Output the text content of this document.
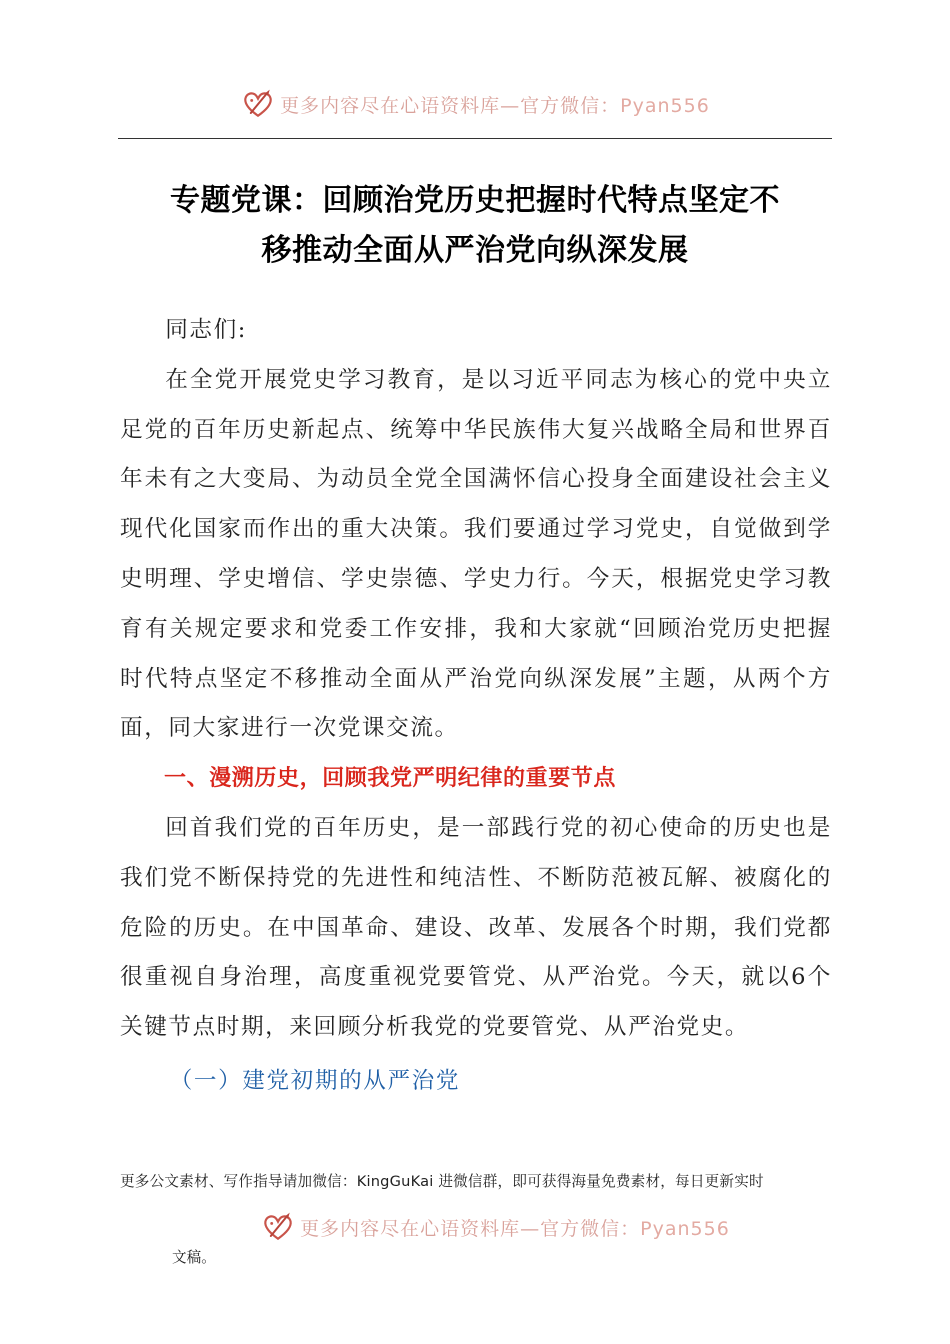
更多内容尽在心语资料库—官方微信：Pyan556
专题党课：回顾治党历史把握时代特点坚定不
移推动全面从严治党向纵深发展

同志们:

在全党开展党史学习教育，是以习近平同志为核心的党中央立足党的百年历史新起点、统筹中华民族伟大复兴战略全局和世界百年未有之大变局、为动员全党全国满怀信心投身全面建设社会主义现代化国家而作出的重大决策。我们要通过学习党史，自觉做到学史明理、学史增信、学史崇德、学史力行。今天，根据党史学习教育有关规定要求和党委工作安排，我和大家就“回顾治党历史把握时代特点坚定不移推动全面从严治党向纵深发展”主题，从两个方面，同大家进行一次党课交流。

一、漫溯历史，回顾我党严明纪律的重要节点

回首我们党的百年历史，是一部践行党的初心使命的历史也是我们党不断保持党的先进性和纯洁性、不断防范被瓦解、被腐化的危险的历史。在中国革命、建设、改革、发展各个时期，我们党都很重视自身治理，高度重视党要管党、从严治党。今天，就以6个关键节点时期，来回顾分析我党的党要管党、从严治党史。

（一）建党初期的从严治党

更多公文素材、写作指导请加微信：KingGuKai 进微信群，即可获得海量免费素材，每日更新实时
更多内容尽在心语资料库—官方微信：Pyan556
文稿。
